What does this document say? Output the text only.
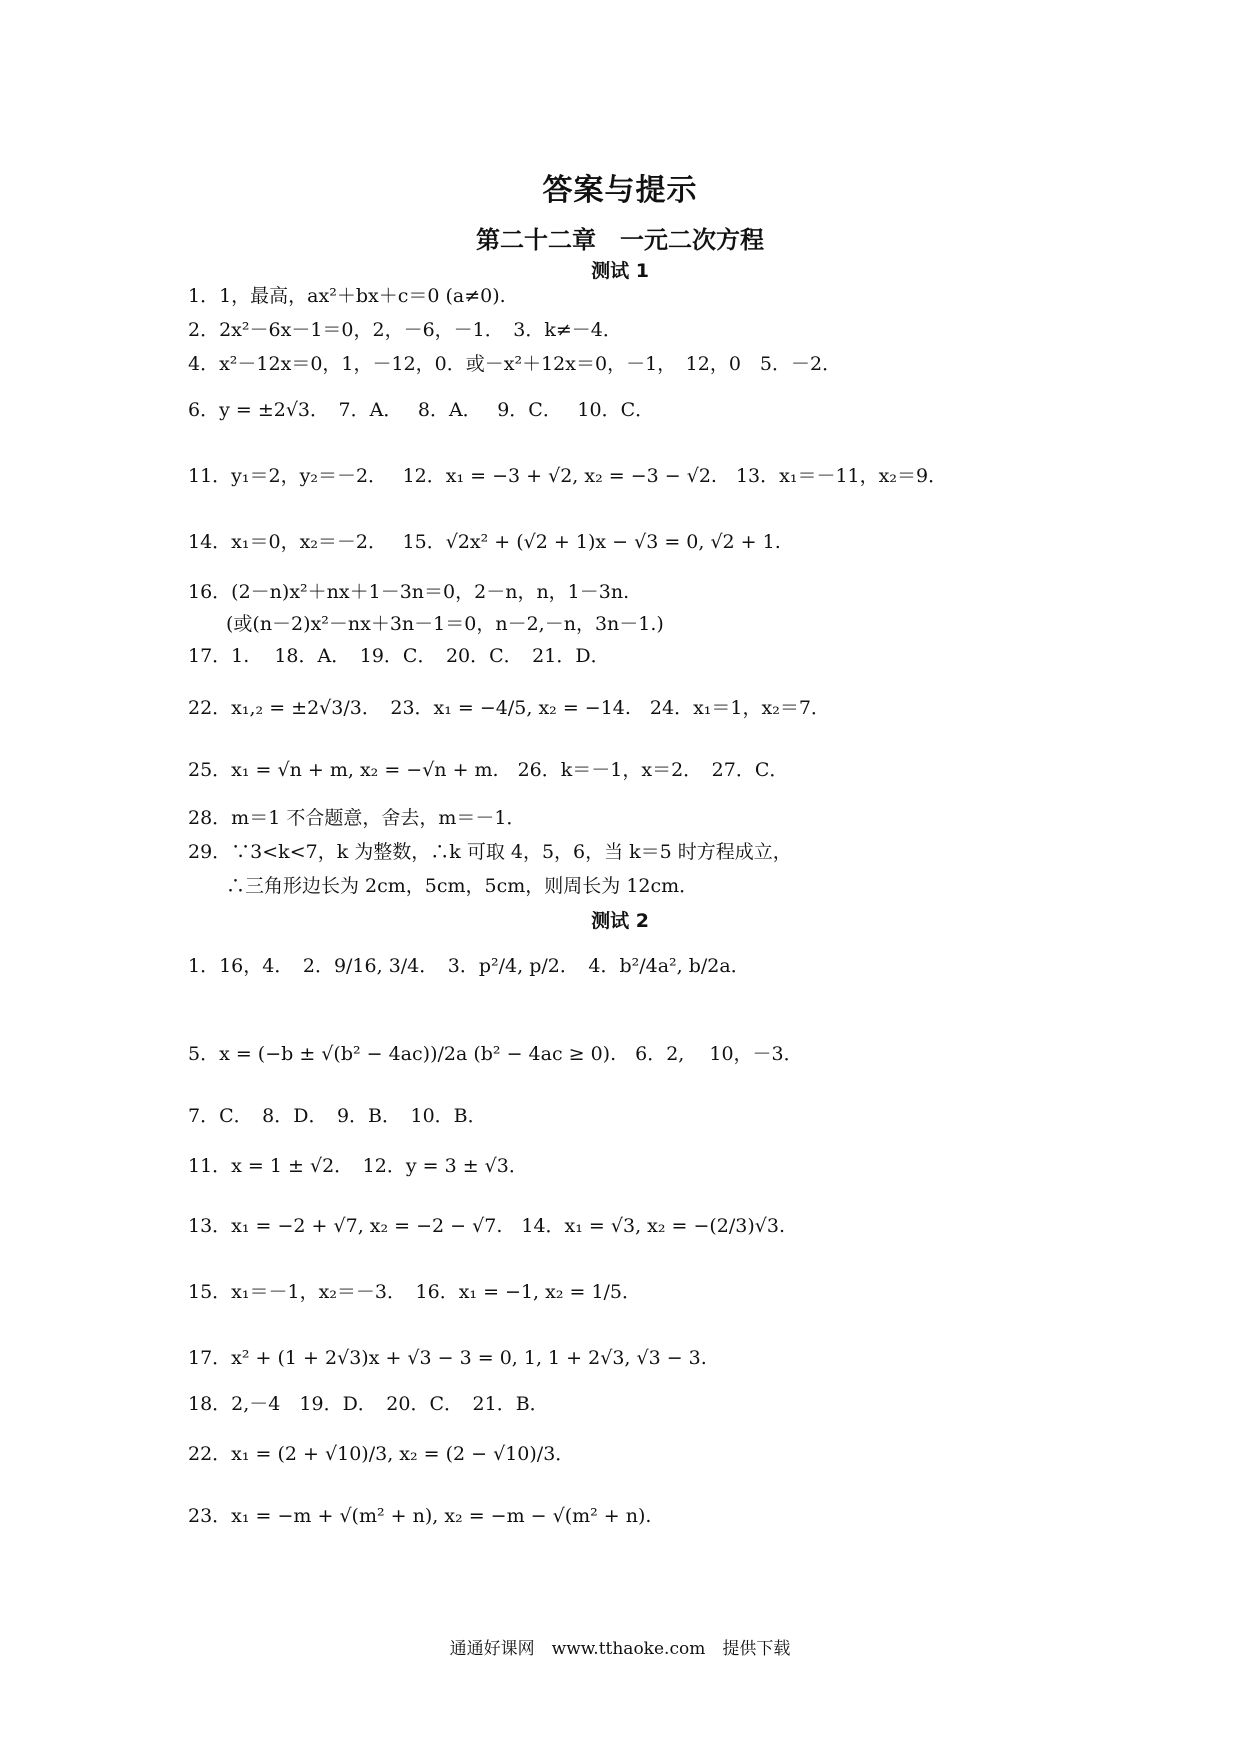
答案与提示
第二十二章　一元二次方程
测试 1
1．1，最高，ax²＋bx＋c＝0 (a≠0).
2．2x²－6x－1＝0，2，－6，－1．　3．k≠－4．
4．x²－12x＝0，1，－12，0．或－x²＋12x＝0，－1，　12，0　5．－2．
6．y = ±2√3．　7．A．　 8．A．　 9．C．　 10．C．
11．y₁＝2，y₂＝－2．　 12．x₁ = −3 + √2, x₂ = −3 − √2.　13．x₁＝－11，x₂＝9．
14．x₁＝0，x₂＝－2．　 15．√2x² + (√2 + 1)x − √3 = 0, √2 + 1.
16．(2－n)x²＋nx＋1－3n＝0，2－n，n，1－3n.
(或(n－2)x²－nx＋3n－1＝0，n－2,－n，3n－1.)
17．1.　 18．A．　19．C．　20．C．　21．D．
22．x₁,₂ = ±2√3/3．　23．x₁ = −4/5, x₂ = −14.　24．x₁＝1，x₂＝7．
25．x₁ = √n + m, x₂ = −√n + m.　26．k＝－1，x＝2．　27．C．
28．m＝1 不合题意，舍去，m＝－1．
29．∵3<k<7，k 为整数，∴k 可取 4，5，6，当 k＝5 时方程成立，
∴三角形边长为 2cm，5cm，5cm，则周长为 12cm．
测试 2
1．16，4．　2．9/16, 3/4．　3．p²/4, p/2．　4．b²/4a², b/2a．
5．x = (−b ± √(b² − 4ac))/2a (b² − 4ac ≥ 0).　6．2,　 10，－3．
7．C．　8．D．　9．B．　10．B．
11．x = 1 ± √2．　12．y = 3 ± √3．
13．x₁ = −2 + √7, x₂ = −2 − √7.　14．x₁ = √3, x₂ = −(2/3)√3.
15．x₁＝－1，x₂＝－3．　16．x₁ = −1, x₂ = 1/5．
17．x² + (1 + 2√3)x + √3 − 3 = 0, 1, 1 + 2√3, √3 − 3.
18．2,－4　19．D．　20．C．　21．B．
22．x₁ = (2 + √10)/3, x₂ = (2 − √10)/3．
23．x₁ = −m + √(m² + n), x₂ = −m − √(m² + n).
通通好课网　www.tthaoke.com　提供下载
